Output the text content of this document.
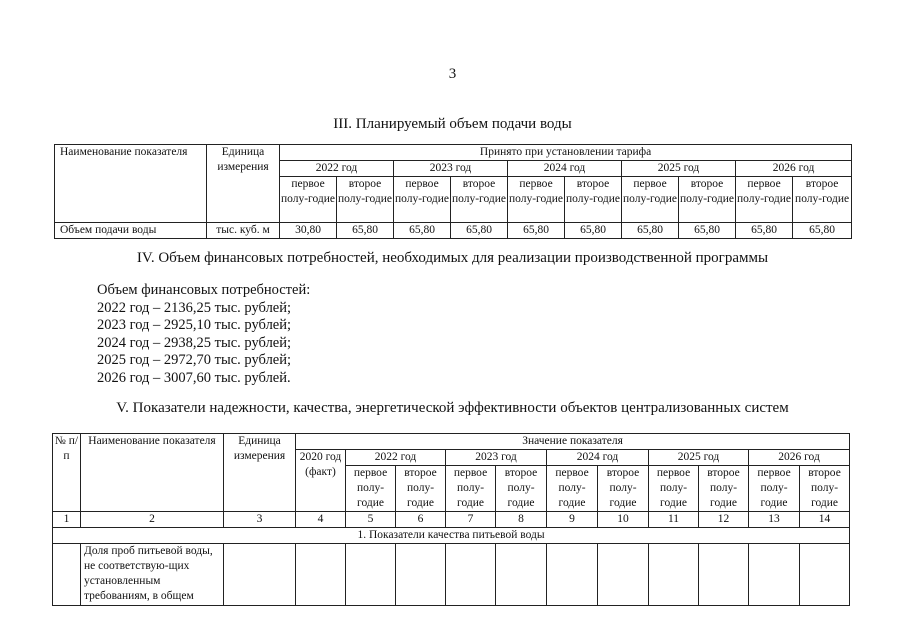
3
III. Планируемый объем подачи воды
Наименование показателя	Единица измерения	Принято при установлении тарифа									
		2022 год		2023 год		2024 год		2025 год		2026 год	
		первое полу-годие	второе полу-годие	первое полу-годие	второе полу-годие	первое полу-годие	второе полу-годие	первое полу-годие	второе полу-годие	первое полу-годие	второе полу-годие
Объем подачи воды	тыс. куб. м	30,80	65,80	65,80	65,80	65,80	65,80	65,80	65,80	65,80	65,80
IV. Объем финансовых потребностей, необходимых для реализации производственной программы
Объем финансовых потребностей:
2022 год – 2136,25 тыс. рублей;
2023 год – 2925,10 тыс. рублей;
2024 год – 2938,25 тыс. рублей;
2025 год – 2972,70 тыс. рублей;
2026 год – 3007,60 тыс. рублей.
V. Показатели надежности, качества, энергетической эффективности объектов централизованных систем
№ п/п	Наименование показателя	Единица измерения	Значение показателя										
			2020 год (факт)	2022 год		2023 год		2024 год		2025 год		2026 год	
				первое полу-годие	второе полу-годие	первое полу-годие	второе полу-годие	первое полу-годие	второе полу-годие	первое полу-годие	второе полу-годие	первое полу-годие	второе полу-годие
1	2	3	4	5	6	7	8	9	10	11	12	13	14
1. Показатели качества питьевой воды													
	Доля проб питьевой воды, не соответствую-щих установленным требованиям, в общем												
